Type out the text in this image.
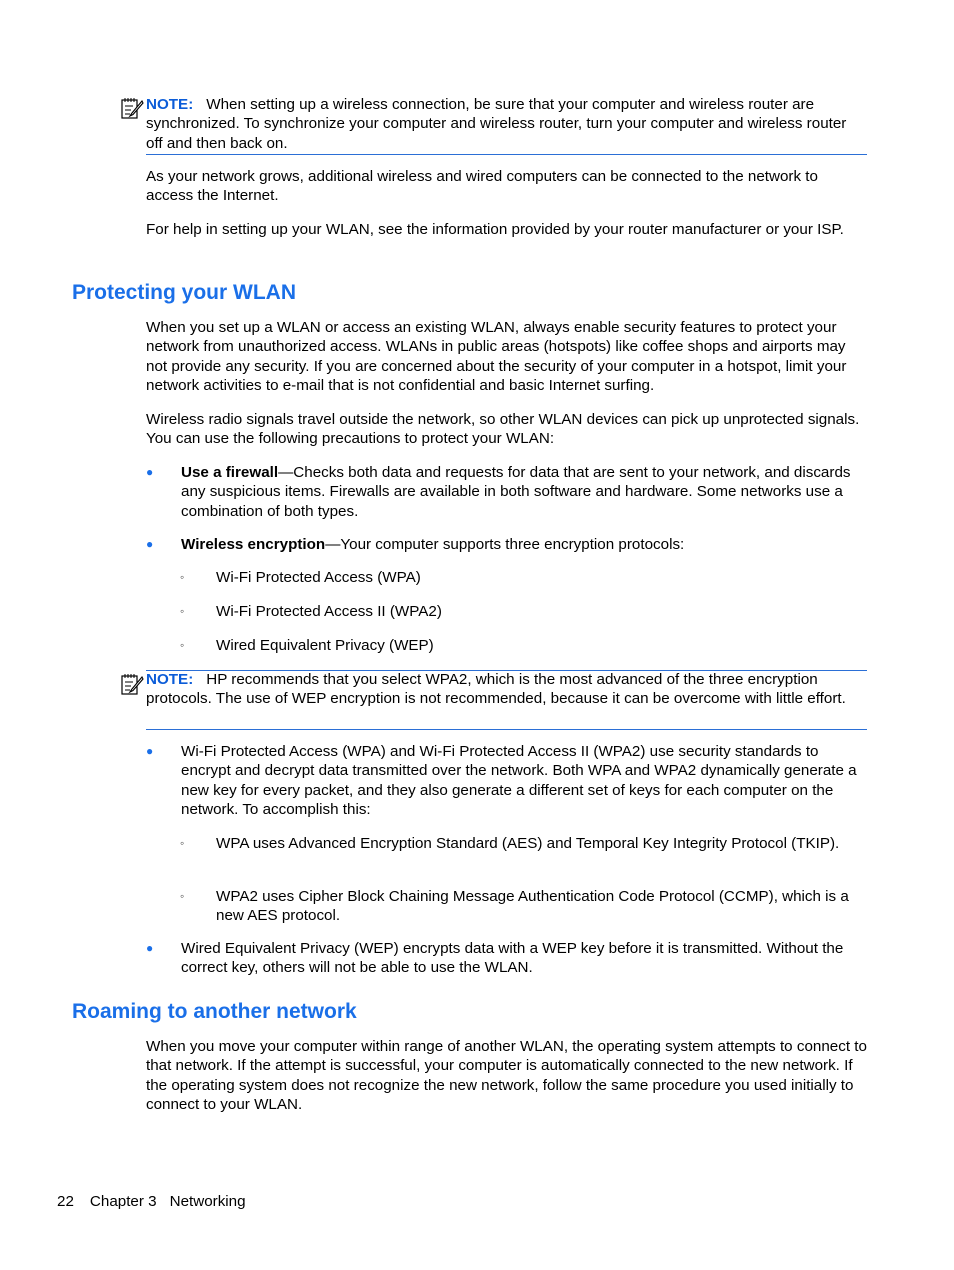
NOTE: When setting up a wireless connection, be sure that your computer and wireless router are synchronized. To synchronize your computer and wireless router, turn your computer and wireless router off and then back on.

As your network grows, additional wireless and wired computers can be connected to the network to access the Internet.

For help in setting up your WLAN, see the information provided by your router manufacturer or your ISP.

Protecting your WLAN

When you set up a WLAN or access an existing WLAN, always enable security features to protect your network from unauthorized access. WLANs in public areas (hotspots) like coffee shops and airports may not provide any security. If you are concerned about the security of your computer in a hotspot, limit your network activities to e-mail that is not confidential and basic Internet surfing.

Wireless radio signals travel outside the network, so other WLAN devices can pick up unprotected signals. You can use the following precautions to protect your WLAN:

● Use a firewall—Checks both data and requests for data that are sent to your network, and discards any suspicious items. Firewalls are available in both software and hardware. Some networks use a combination of both types.

● Wireless encryption—Your computer supports three encryption protocols:

◦ Wi-Fi Protected Access (WPA)

◦ Wi-Fi Protected Access II (WPA2)

◦ Wired Equivalent Privacy (WEP)

NOTE: HP recommends that you select WPA2, which is the most advanced of the three encryption protocols. The use of WEP encryption is not recommended, because it can be overcome with little effort.

● Wi-Fi Protected Access (WPA) and Wi-Fi Protected Access II (WPA2) use security standards to encrypt and decrypt data transmitted over the network. Both WPA and WPA2 dynamically generate a new key for every packet, and they also generate a different set of keys for each computer on the network. To accomplish this:

◦ WPA uses Advanced Encryption Standard (AES) and Temporal Key Integrity Protocol (TKIP).

◦ WPA2 uses Cipher Block Chaining Message Authentication Code Protocol (CCMP), which is a new AES protocol.

● Wired Equivalent Privacy (WEP) encrypts data with a WEP key before it is transmitted. Without the correct key, others will not be able to use the WLAN.

Roaming to another network

When you move your computer within range of another WLAN, the operating system attempts to connect to that network. If the attempt is successful, your computer is automatically connected to the new network. If the operating system does not recognize the new network, follow the same procedure you used initially to connect to your WLAN.

22 Chapter 3 Networking
